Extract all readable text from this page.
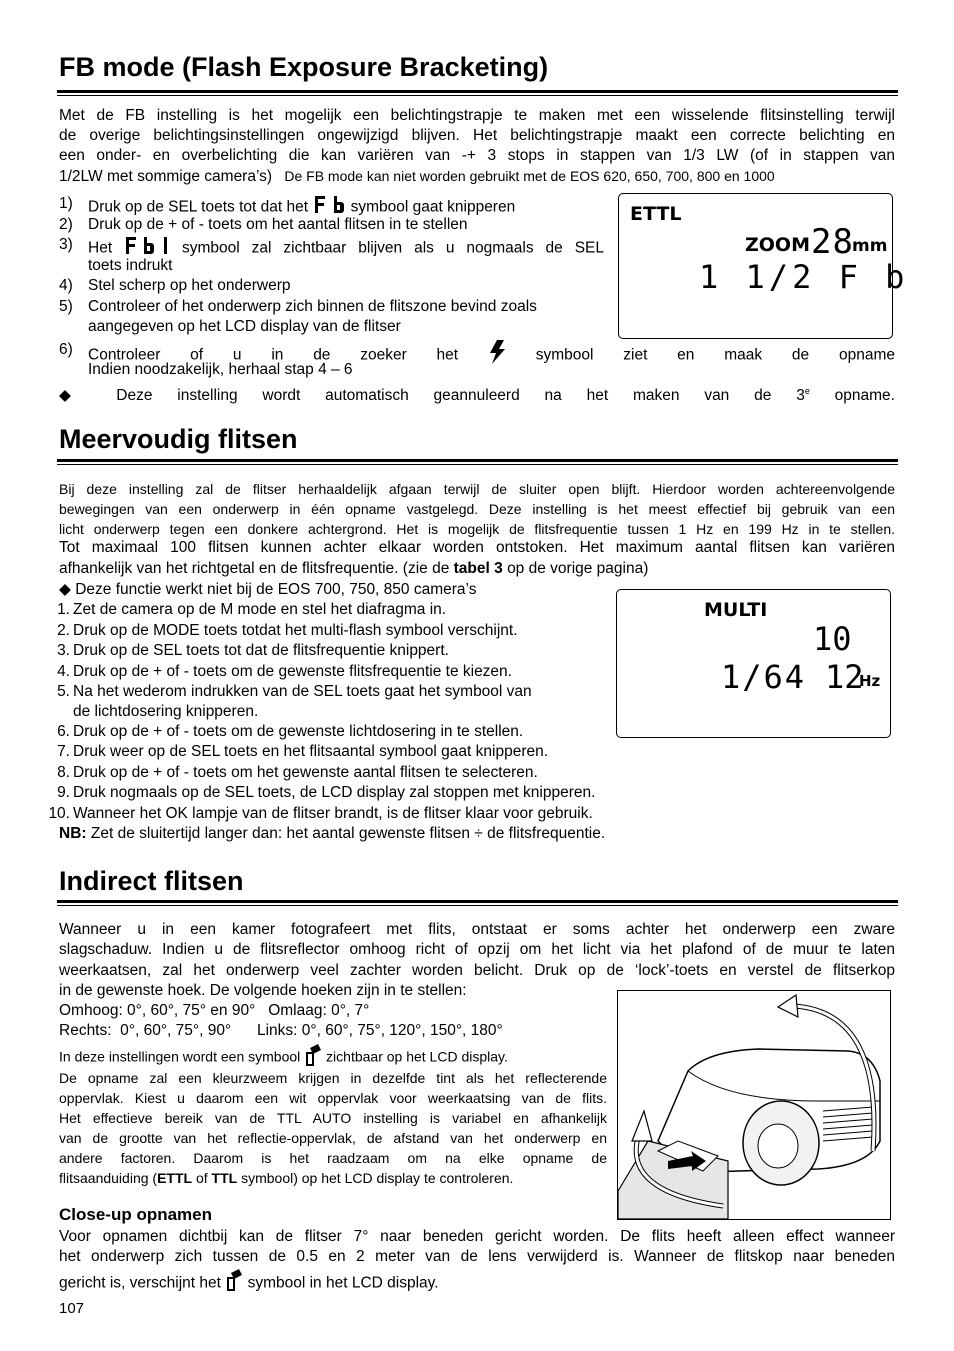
FB mode (Flash Exposure Bracketing)
Met de FB instelling is het mogelijk een belichtingstrapje te maken met een wisselende flitsinstelling terwijl
de overige belichtingsinstellingen ongewijzigd blijven. Het belichtingstrapje maakt een correcte belichting en
een onder- en overbelichting die kan variëren van -+ 3 stops in stappen van 1/3 LW (of in stappen van
1/2LW met sommige camera’s) De FB mode kan niet worden gebruikt met de EOS 620, 650, 700, 800 en 1000
1) Druk op de SEL toets tot dat het	symbool gaat knipperen
2) Druk op de + of - toets om het aantal flitsen in te stellen
3) Het	symbool zal zichtbaar blijven als u nogmaals de SEL
toets indrukt
4) Stel scherp op het onderwerp
5) Controleer of het onderwerp zich binnen de flitszone bevind zoals
aangegeven op het LCD display van de flitser
6) Controleer of u in de zoeker het	symbool ziet en maak de opname
Indien noodzakelijk, herhaal stap 4 – 6
◆ Deze instelling wordt automatisch geannuleerd na het maken van de 3e opname.
ETTL
ZOOM 28
mm
1 1/2 F b
Meervoudig flitsen
Bij deze instelling zal de flitser herhaaldelijk afgaan terwijl de sluiter open blijft. Hierdoor worden achtereenvolgende
bewegingen van een onderwerp in één opname vastgelegd. Deze instelling is het meest effectief bij gebruik van een
licht onderwerp tegen een donkere achtergrond. Het is mogelijk de flitsfrequentie tussen 1 Hz en 199 Hz in te stellen.
Tot maximaal 100 flitsen kunnen achter elkaar worden ontstoken. Het maximum aantal flitsen kan variëren
afhankelijk van het richtgetal en de flitsfrequentie. (zie de tabel 3 op de vorige pagina)
◆ Deze functie werkt niet bij de EOS 700, 750, 850 camera’s
1. Zet de camera op de M mode en stel het diafragma in.
2. Druk op de MODE toets totdat het multi-flash symbool verschijnt.
3. Druk op de SEL toets tot dat de flitsfrequentie knippert.
4. Druk op de + of - toets om de gewenste flitsfrequentie te kiezen.
5. Na het wederom indrukken van de SEL toets gaat het symbool van
de lichtdosering knipperen.
6. Druk op de + of - toets om de gewenste lichtdosering in te stellen.
7. Druk weer op de SEL toets en het flitsaantal symbool gaat knipperen.
8. Druk op de + of - toets om het gewenste aantal flitsen te selecteren.
9. Druk nogmaals op de SEL toets, de LCD display zal stoppen met knipperen.
10. Wanneer het OK lampje van de flitser brandt, is de flitser klaar voor gebruik.
NB: Zet de sluitertijd langer dan: het aantal gewenste flitsen ÷ de flitsfrequentie.
MULTI
10
1/64 12
Hz
Indirect flitsen
Wanneer u in een kamer fotografeert met flits, ontstaat er soms achter het onderwerp een zware
slagschaduw. Indien u de flitsreflector omhoog richt of opzij om het licht via het plafond of de muur te laten
weerkaatsen, zal het onderwerp veel zachter worden belicht. Druk op de ‘lock’-toets en verstel de flitserkop
in de gewenste hoek. De volgende hoeken zijn in te stellen:
Omhoog: 0°, 60°, 75° en 90°   Omlaag: 0°, 7°
Rechts:  0°, 60°, 75°, 90°      Links: 0°, 60°, 75°, 120°, 150°, 180°
In deze instellingen wordt een symbool zichtbaar op het LCD display.
De opname zal een kleurzweem krijgen in dezelfde tint als het reflecterende
oppervlak. Kiest u daarom een wit oppervlak voor weerkaatsing van de flits.
Het effectieve bereik van de TTL AUTO instelling is variabel en afhankelijk
van de grootte van het reflectie-oppervlak, de afstand van het onderwerp en
andere factoren. Daarom is het raadzaam om na elke opname de
flitsaanduiding (ETTL of TTL symbool) op het LCD display te controleren.
Close-up opnamen
Voor opnamen dichtbij kan de flitser 7° naar beneden gericht worden. De flits heeft alleen effect wanneer
het onderwerp zich tussen de 0.5 en 2 meter van de lens verwijderd is. Wanneer de flitskop naar beneden
gericht is, verschijnt het symbool in het LCD display.
107
